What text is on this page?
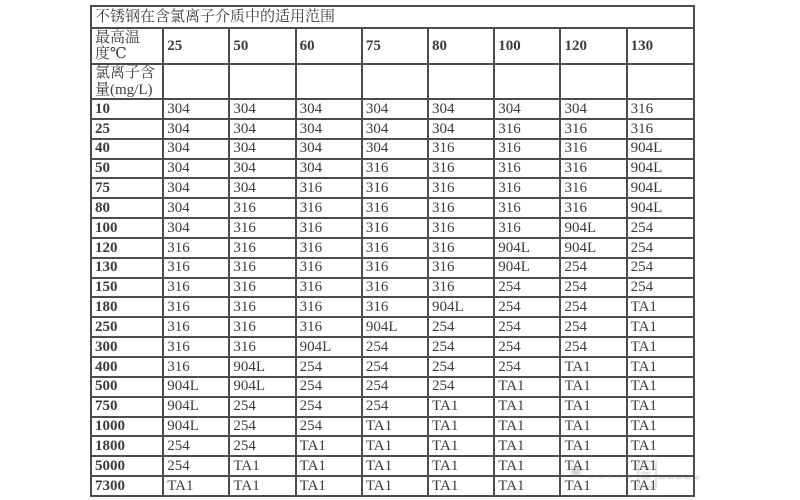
不锈钢在含氯离子介质中的适用范围								
最高温度℃	25	50	60	75	80	100	120	130
氯离子含量(mg/L)								
10	304	304	304	304	304	304	304	316
25	304	304	304	304	304	316	316	316
40	304	304	304	304	316	316	316	904L
50	304	304	304	316	316	316	316	904L
75	304	304	316	316	316	316	316	904L
80	304	316	316	316	316	316	316	904L
100	304	316	316	316	316	316	904L	254
120	316	316	316	316	316	904L	904L	254
130	316	316	316	316	316	904L	254	254
150	316	316	316	316	316	254	254	254
180	316	316	316	316	904L	254	254	TA1
250	316	316	316	904L	254	254	254	TA1
300	316	316	904L	254	254	254	254	TA1
400	316	904L	254	254	254	254	TA1	TA1
500	904L	904L	254	254	254	TA1	TA1	TA1
750	904L	254	254	254	TA1	TA1	TA1	TA1
1000	904L	254	254	TA1	TA1	TA1	TA1	TA1
1800	254	254	TA1	TA1	TA1	TA1	TA1	TA1
5000	254	TA1	TA1	TA1	TA1	TA1	TA1	TA1
7300	TA1	TA1	TA1	TA1	TA1	TA1	TA1	TA1
